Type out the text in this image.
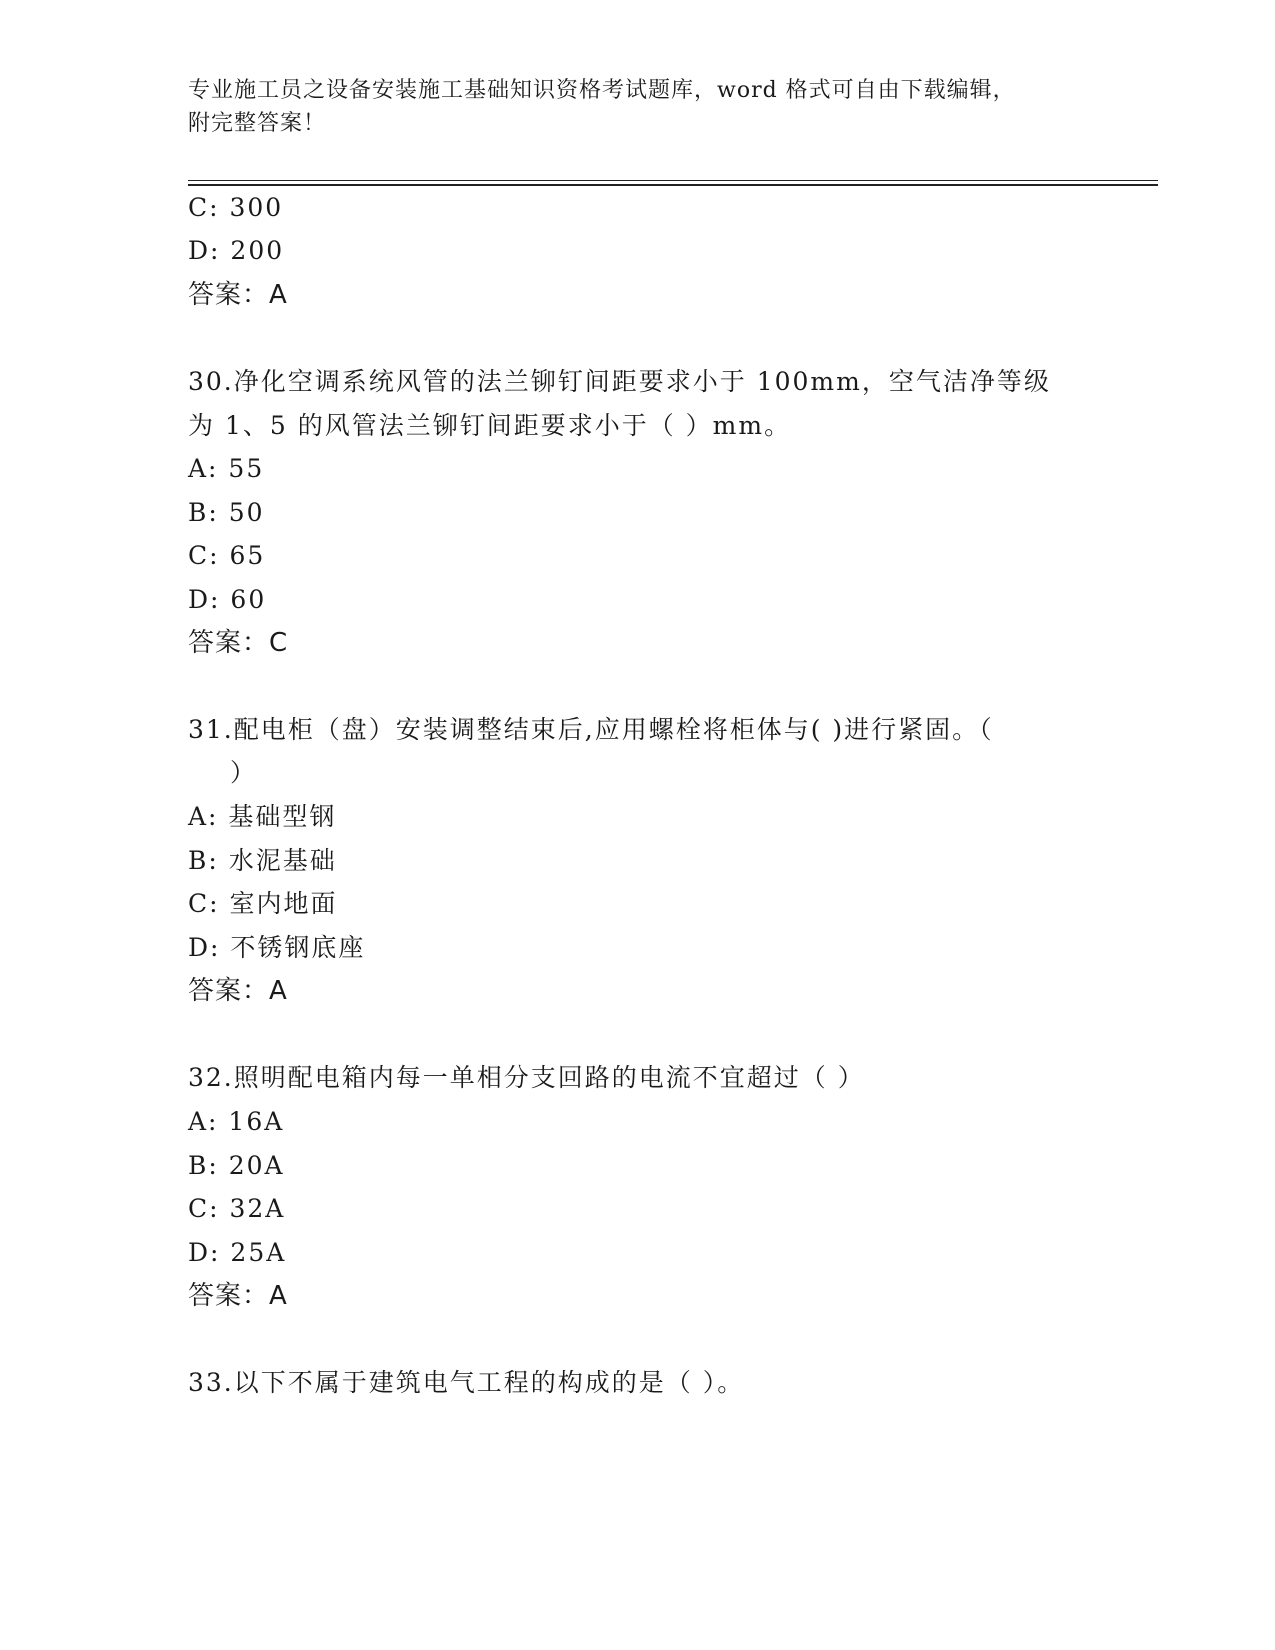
专业施工员之设备安装施工基础知识资格考试题库，word 格式可自由下载编辑，
附完整答案！
C: 300
D: 200
答案：A
30.净化空调系统风管的法兰铆钉间距要求小于 100mm，空气洁净等级
为 1、5 的风管法兰铆钉间距要求小于（ ）mm。
A: 55
B: 50
C: 65
D: 60
答案：C
31.配电柜（盘）安装调整结束后,应用螺栓将柜体与( )进行紧固。（
）
A: 基础型钢
B: 水泥基础
C: 室内地面
D: 不锈钢底座
答案：A
32.照明配电箱内每一单相分支回路的电流不宜超过（ ）
A: 16A
B: 20A
C: 32A
D: 25A
答案：A
33.以下不属于建筑电气工程的构成的是（ ）。
